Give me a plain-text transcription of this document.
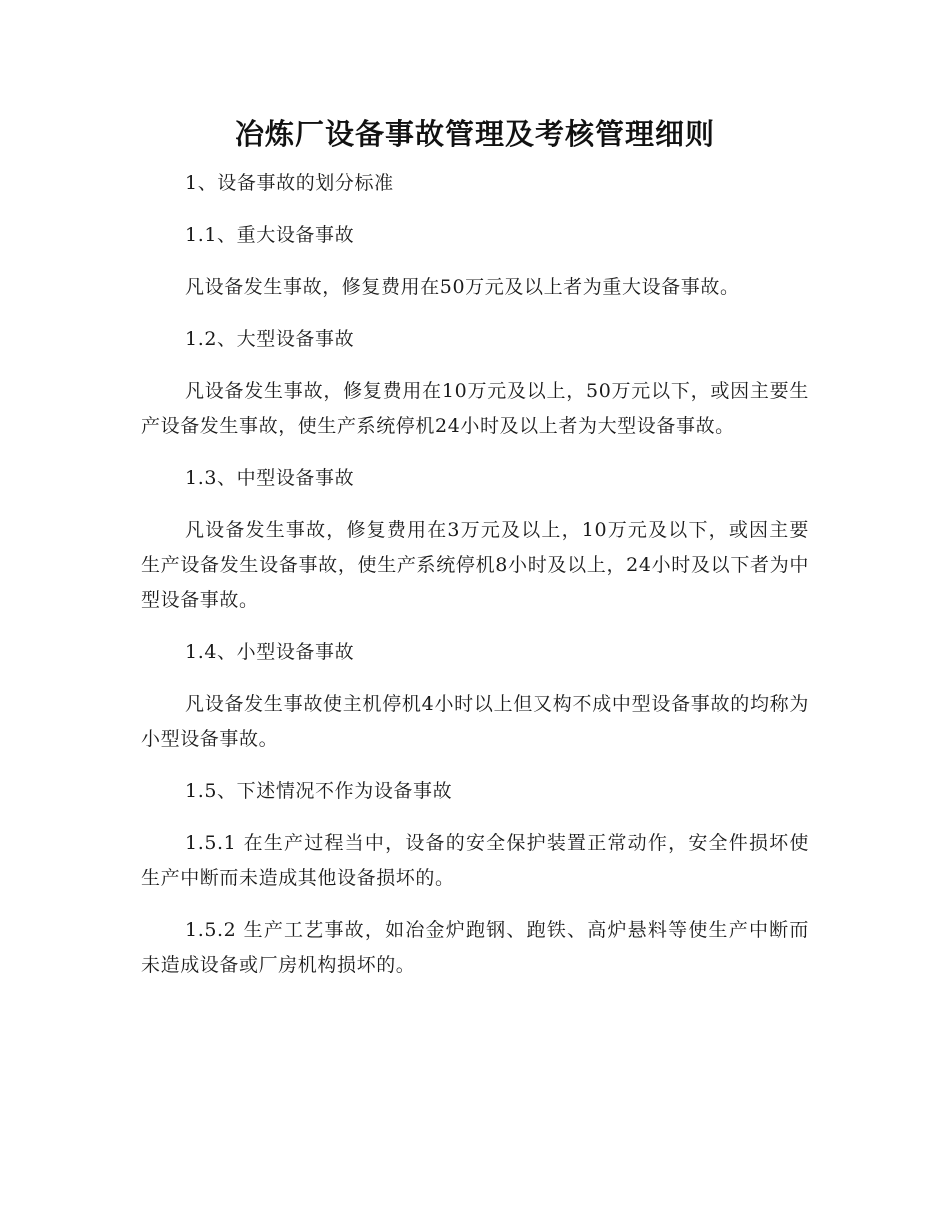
冶炼厂设备事故管理及考核管理细则

1、设备事故的划分标准

1.1、重大设备事故

凡设备发生事故，修复费用在50万元及以上者为重大设备事故。

1.2、大型设备事故

凡设备发生事故，修复费用在10万元及以上，50万元以下，或因主要生产设备发生事故，使生产系统停机24小时及以上者为大型设备事故。

1.3、中型设备事故

凡设备发生事故，修复费用在3万元及以上，10万元及以下，或因主要生产设备发生设备事故，使生产系统停机8小时及以上，24小时及以下者为中型设备事故。

1.4、小型设备事故

凡设备发生事故使主机停机4小时以上但又构不成中型设备事故的均称为小型设备事故。

1.5、下述情况不作为设备事故

1.5.1 在生产过程当中，设备的安全保护装置正常动作，安全件损坏使生产中断而未造成其他设备损坏的。

1.5.2 生产工艺事故，如冶金炉跑钢、跑铁、高炉悬料等使生产中断而未造成设备或厂房机构损坏的。
